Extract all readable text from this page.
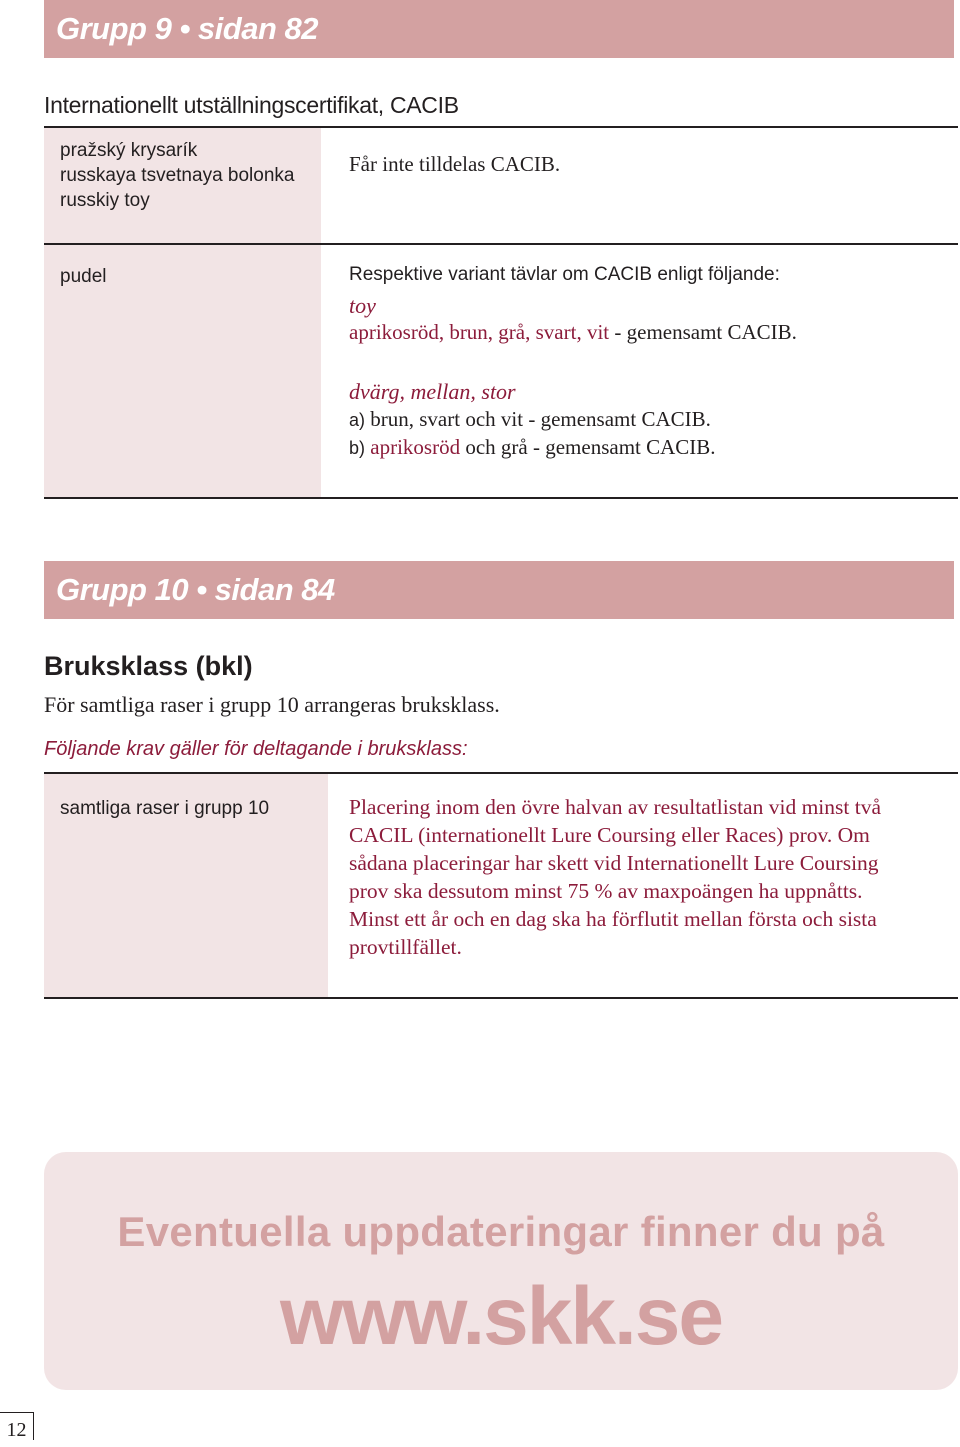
Grupp 9 • sidan 82
Internationellt utställningscertifikat, CACIB
pražský krysarík
russkaya tsvetnaya bolonka
russkiy toy
Får inte tilldelas CACIB.
pudel	Respektive variant tävlar om CACIB enligt följande:
toy
aprikosröd, brun, grå, svart, vit - gemensamt CACIB.
dvärg, mellan, stor
a) brun, svart och vit - gemensamt CACIB.
b) aprikosröd och grå - gemensamt CACIB.
Grupp 10 • sidan 84
Bruksklass (bkl)
För samtliga raser i grupp 10 arrangeras bruksklass.
Följande krav gäller för deltagande i bruksklass:
samtliga raser i grupp 10	Placering inom den övre halvan av resultatlistan vid minst två
CACIL (internationellt Lure Coursing eller Races) prov. Om
sådana placeringar har skett vid Internationellt Lure Coursing
prov ska dessutom minst 75 % av maxpoängen ha uppnåtts.
Minst ett år och en dag ska ha förflutit mellan första och sista
provtillfället.
Eventuella uppdateringar finner du på
www.skk.se
12
